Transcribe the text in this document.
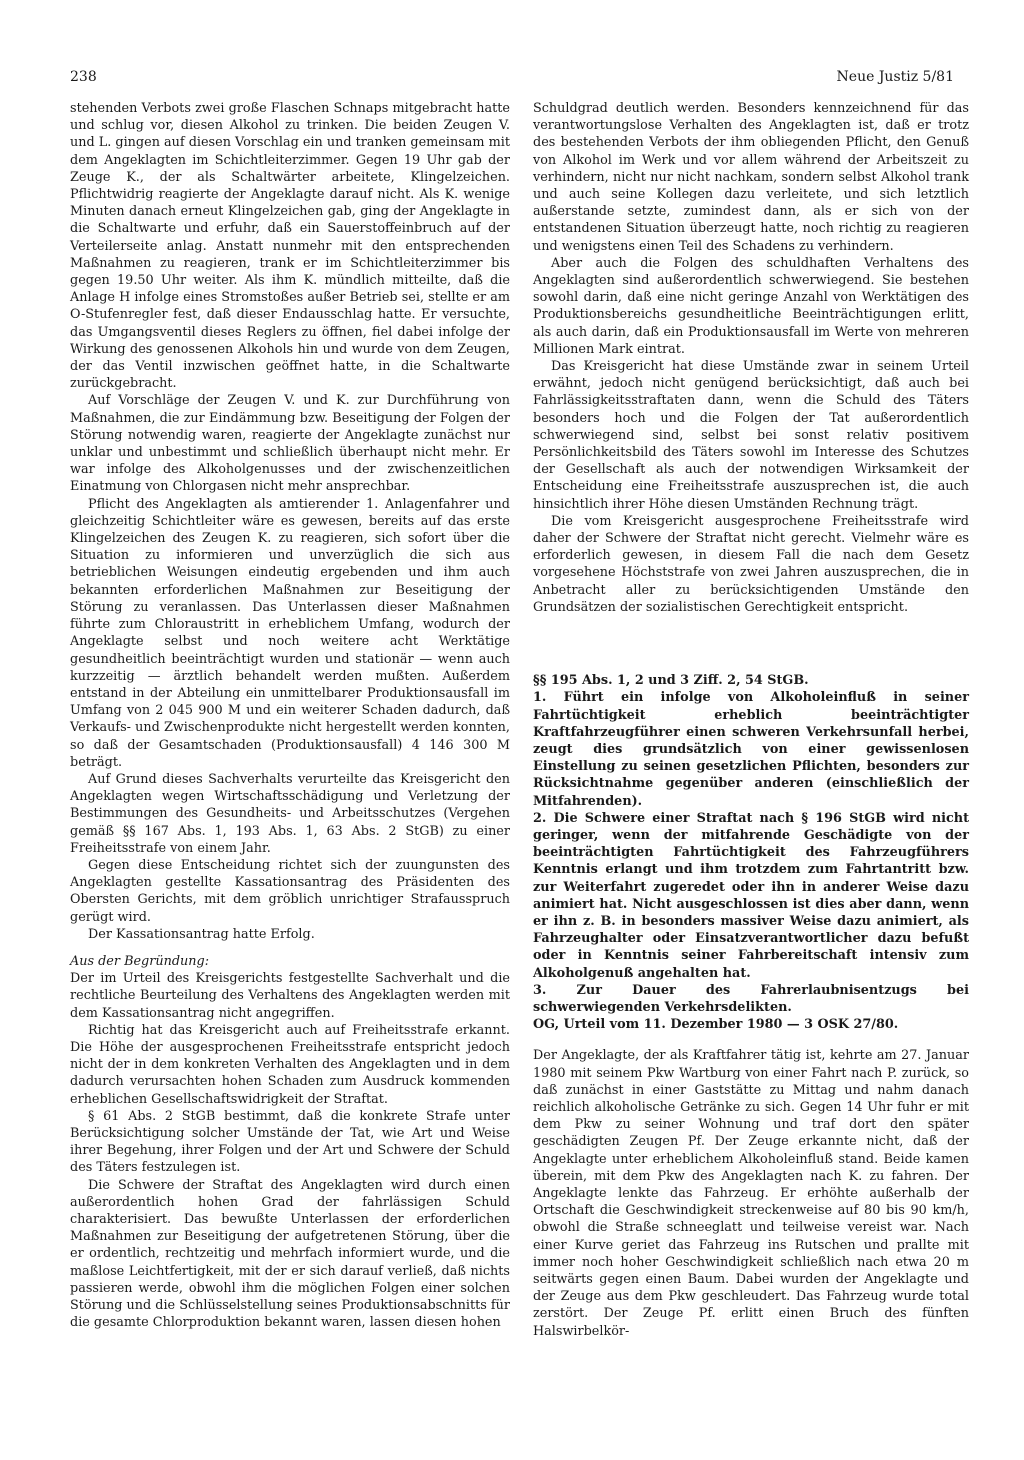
238	Neue Justiz 5/81

stehenden Verbots zwei große Flaschen Schnaps mitgebracht hatte und schlug vor, diesen Alkohol zu trinken. Die beiden Zeugen V. und L. gingen auf diesen Vorschlag ein und tranken gemeinsam mit dem Angeklagten im Schichtleiterzimmer. Gegen 19 Uhr gab der Zeuge K., der als Schaltwärter arbeitete, Klingelzeichen. Pflichtwidrig reagierte der Angeklagte darauf nicht. Als K. wenige Minuten danach erneut Klingelzeichen gab, ging der Angeklagte in die Schaltwarte und erfuhr, daß ein Sauerstoffeinbruch auf der Verteilerseite anlag. Anstatt nunmehr mit den entsprechenden Maßnahmen zu reagieren, trank er im Schichtleiterzimmer bis gegen 19.50 Uhr weiter. Als ihm K. mündlich mitteilte, daß die Anlage H infolge eines Stromstoßes außer Betrieb sei, stellte er am O-Stufenregler fest, daß dieser Endausschlag hatte. Er versuchte, das Umgangsventil dieses Reglers zu öffnen, fiel dabei infolge der Wirkung des genossenen Alkohols hin und wurde von dem Zeugen, der das Ventil inzwischen geöffnet hatte, in die Schaltwarte zurückgebracht.

Auf Vorschläge der Zeugen V. und K. zur Durchführung von Maßnahmen, die zur Eindämmung bzw. Beseitigung der Folgen der Störung notwendig waren, reagierte der Angeklagte zunächst nur unklar und unbestimmt und schließlich überhaupt nicht mehr. Er war infolge des Alkoholgenusses und der zwischenzeitlichen Einatmung von Chlorgasen nicht mehr ansprechbar.

Pflicht des Angeklagten als amtierender 1. Anlagenfahrer und gleichzeitig Schichtleiter wäre es gewesen, bereits auf das erste Klingelzeichen des Zeugen K. zu reagieren, sich sofort über die Situation zu informieren und unverzüglich die sich aus betrieblichen Weisungen eindeutig ergebenden und ihm auch bekannten erforderlichen Maßnahmen zur Beseitigung der Störung zu veranlassen. Das Unterlassen dieser Maßnahmen führte zum Chloraustritt in erheblichem Umfang, wodurch der Angeklagte selbst und noch weitere acht Werktätige gesundheitlich beeinträchtigt wurden und stationär — wenn auch kurzzeitig — ärztlich behandelt werden mußten. Außerdem entstand in der Abteilung ein unmittelbarer Produktionsausfall im Umfang von 2 045 900 M und ein weiterer Schaden dadurch, daß Verkaufs- und Zwischenprodukte nicht hergestellt werden konnten, so daß der Gesamtschaden (Produktionsausfall) 4 146 300 M beträgt.

Auf Grund dieses Sachverhalts verurteilte das Kreisgericht den Angeklagten wegen Wirtschaftsschädigung und Verletzung der Bestimmungen des Gesundheits- und Arbeitsschutzes (Vergehen gemäß §§ 167 Abs. 1, 193 Abs. 1, 63 Abs. 2 StGB) zu einer Freiheitsstrafe von einem Jahr.

Gegen diese Entscheidung richtet sich der zuungunsten des Angeklagten gestellte Kassationsantrag des Präsidenten des Obersten Gerichts, mit dem gröblich unrichtiger Strafausspruch gerügt wird.

Der Kassationsantrag hatte Erfolg.

Aus der Begründung:

Der im Urteil des Kreisgerichts festgestellte Sachverhalt und die rechtliche Beurteilung des Verhaltens des Angeklagten werden mit dem Kassationsantrag nicht angegriffen.

Richtig hat das Kreisgericht auch auf Freiheitsstrafe erkannt. Die Höhe der ausgesprochenen Freiheitsstrafe entspricht jedoch nicht der in dem konkreten Verhalten des Angeklagten und in dem dadurch verursachten hohen Schaden zum Ausdruck kommenden erheblichen Gesellschaftswidrigkeit der Straftat.

§ 61 Abs. 2 StGB bestimmt, daß die konkrete Strafe unter Berücksichtigung solcher Umstände der Tat, wie Art und Weise ihrer Begehung, ihrer Folgen und der Art und Schwere der Schuld des Täters festzulegen ist.

Die Schwere der Straftat des Angeklagten wird durch einen außerordentlich hohen Grad der fahrlässigen Schuld charakterisiert. Das bewußte Unterlassen der erforderlichen Maßnahmen zur Beseitigung der aufgetretenen Störung, über die er ordentlich, rechtzeitig und mehrfach informiert wurde, und die maßlose Leichtfertigkeit, mit der er sich darauf verließ, daß nichts passieren werde, obwohl ihm die möglichen Folgen einer solchen Störung und die Schlüsselstellung seines Produktionsabschnitts für die gesamte Chlorproduktion bekannt waren, lassen diesen hohen

Schuldgrad deutlich werden. Besonders kennzeichnend für das verantwortungslose Verhalten des Angeklagten ist, daß er trotz des bestehenden Verbots der ihm obliegenden Pflicht, den Genuß von Alkohol im Werk und vor allem während der Arbeitszeit zu verhindern, nicht nur nicht nachkam, sondern selbst Alkohol trank und auch seine Kollegen dazu verleitete, und sich letztlich außerstande setzte, zumindest dann, als er sich von der entstandenen Situation überzeugt hatte, noch richtig zu reagieren und wenigstens einen Teil des Schadens zu verhindern.

Aber auch die Folgen des schuldhaften Verhaltens des Angeklagten sind außerordentlich schwerwiegend. Sie bestehen sowohl darin, daß eine nicht geringe Anzahl von Werktätigen des Produktionsbereichs gesundheitliche Beeinträchtigungen erlitt, als auch darin, daß ein Produktionsausfall im Werte von mehreren Millionen Mark eintrat.

Das Kreisgericht hat diese Umstände zwar in seinem Urteil erwähnt, jedoch nicht genügend berücksichtigt, daß auch bei Fahrlässigkeitsstraftaten dann, wenn die Schuld des Täters besonders hoch und die Folgen der Tat außerordentlich schwerwiegend sind, selbst bei sonst relativ positivem Persönlichkeitsbild des Täters sowohl im Interesse des Schutzes der Gesellschaft als auch der notwendigen Wirksamkeit der Entscheidung eine Freiheitsstrafe auszusprechen ist, die auch hinsichtlich ihrer Höhe diesen Umständen Rechnung trägt.

Die vom Kreisgericht ausgesprochene Freiheitsstrafe wird daher der Schwere der Straftat nicht gerecht. Vielmehr wäre es erforderlich gewesen, in diesem Fall die nach dem Gesetz vorgesehene Höchststrafe von zwei Jahren auszusprechen, die in Anbetracht aller zu berücksichtigenden Umstände den Grundsätzen der sozialistischen Gerechtigkeit entspricht.

§§ 195 Abs. 1, 2 und 3 Ziff. 2, 54 StGB.

1. Führt ein infolge von Alkoholeinfluß in seiner Fahrtüchtigkeit erheblich beeinträchtigter Kraftfahrzeugführer einen schweren Verkehrsunfall herbei, zeugt dies grundsätzlich von einer gewissenlosen Einstellung zu seinen gesetzlichen Pflichten, besonders zur Rücksichtnahme gegenüber anderen (einschließlich der Mitfahrenden).

2. Die Schwere einer Straftat nach § 196 StGB wird nicht geringer, wenn der mitfahrende Geschädigte von der beeinträchtigten Fahrtüchtigkeit des Fahrzeugführers Kenntnis erlangt und ihm trotzdem zum Fahrtantritt bzw. zur Weiterfahrt zugeredet oder ihn in anderer Weise dazu animiert hat. Nicht ausgeschlossen ist dies aber dann, wenn er ihn z. B. in besonders massiver Weise dazu animiert, als Fahrzeughalter oder Einsatzverantwortlicher dazu befußt oder in Kenntnis seiner Fahrbereitschaft intensiv zum Alkoholgenuß angehalten hat.

3. Zur Dauer des Fahrerlaubnisentzugs bei schwerwiegenden Verkehrsdelikten.

OG, Urteil vom 11. Dezember 1980 — 3 OSK 27/80.

Der Angeklagte, der als Kraftfahrer tätig ist, kehrte am 27. Januar 1980 mit seinem Pkw Wartburg von einer Fahrt nach P. zurück, so daß zunächst in einer Gaststätte zu Mittag und nahm danach reichlich alkoholische Getränke zu sich. Gegen 14 Uhr fuhr er mit dem Pkw zu seiner Wohnung und traf dort den später geschädigten Zeugen Pf. Der Zeuge erkannte nicht, daß der Angeklagte unter erheblichem Alkoholeinfluß stand. Beide kamen überein, mit dem Pkw des Angeklagten nach K. zu fahren. Der Angeklagte lenkte das Fahrzeug. Er erhöhte außerhalb der Ortschaft die Geschwindigkeit streckenweise auf 80 bis 90 km/h, obwohl die Straße schneeglatt und teilweise vereist war. Nach einer Kurve geriet das Fahrzeug ins Rutschen und prallte mit immer noch hoher Geschwindigkeit schließlich nach etwa 20 m seitwärts gegen einen Baum. Dabei wurden der Angeklagte und der Zeuge aus dem Pkw geschleudert. Das Fahrzeug wurde total zerstört. Der Zeuge Pf. erlitt einen Bruch des fünften Halswirbelkör-
